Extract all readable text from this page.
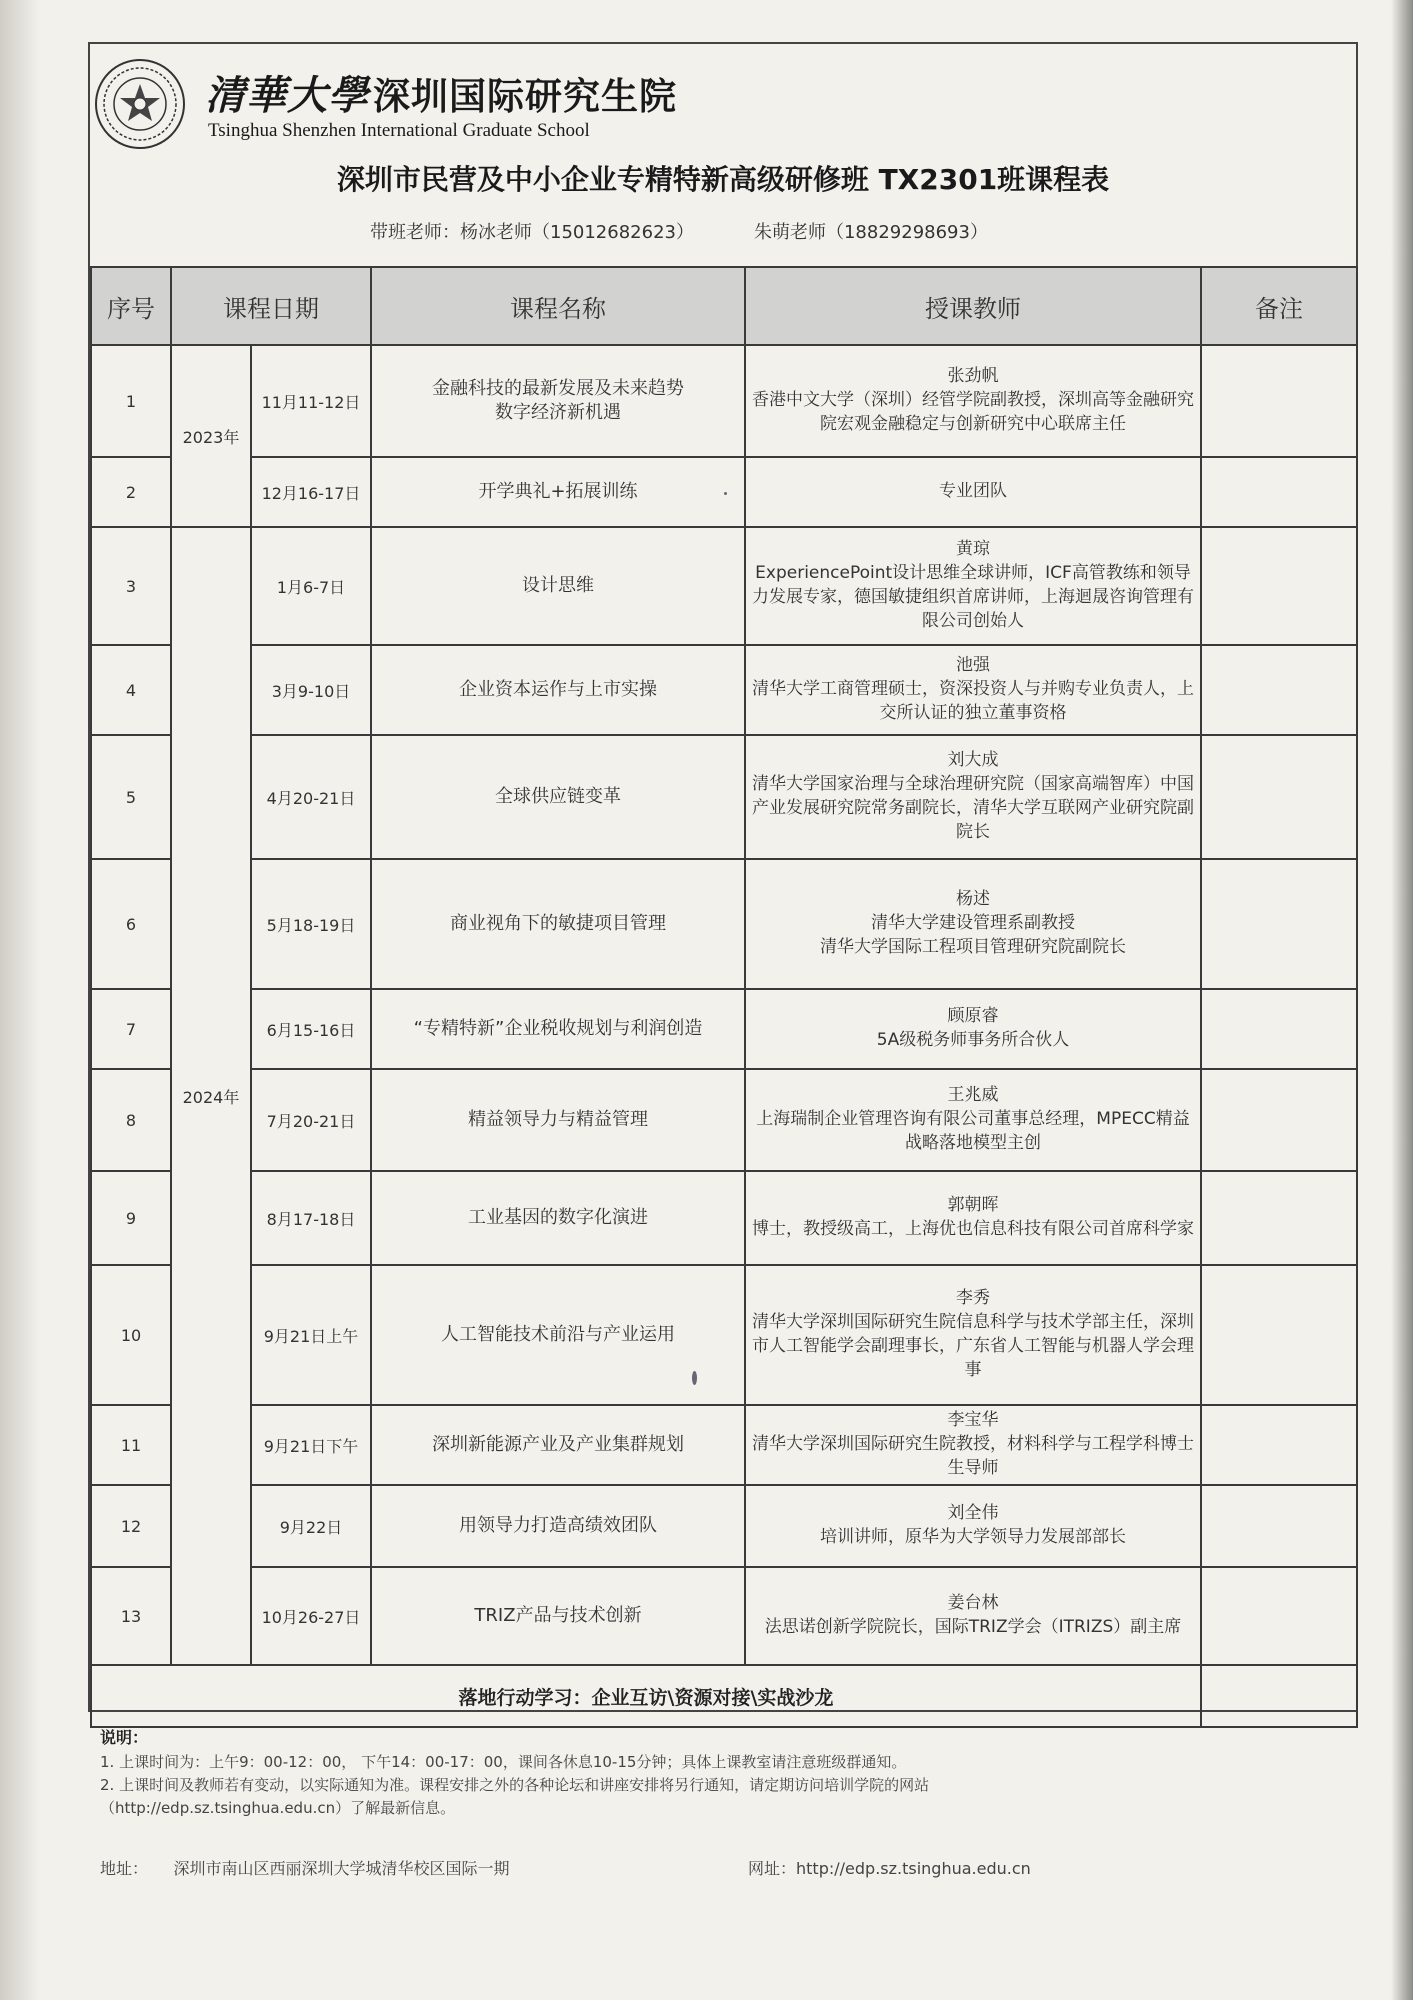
清華大學 深圳国际研究生院
Tsinghua Shenzhen International Graduate School
深圳市民营及中小企业专精特新高级研修班 TX2301班课程表
带班老师：杨冰老师（15012682623）	朱萌老师（18829298693）
序号	课程日期		课程名称	授课教师	备注
1	2023年	11月11-12日	金融科技的最新发展及未来趋势
数字经济新机遇	张劲帆
香港中文大学（深圳）经管学院副教授，深圳高等金融研究院宏观金融稳定与创新研究中心联席主任	

2		12月16-17日	开学典礼+拓展训练	专业团队	

3	2024年	1月6-7日	设计思维	黄琼
ExperiencePoint设计思维全球讲师，ICF高管教练和领导力发展专家，德国敏捷组织首席讲师，上海迴晟咨询管理有限公司创始人	

4		3月9-10日	企业资本运作与上市实操	池强
清华大学工商管理硕士，资深投资人与并购专业负责人，上交所认证的独立董事资格	

5		4月20-21日	全球供应链变革	刘大成
清华大学国家治理与全球治理研究院（国家高端智库）中国产业发展研究院常务副院长，清华大学互联网产业研究院副院长	

6		5月18-19日	商业视角下的敏捷项目管理	杨述
清华大学建设管理系副教授
清华大学国际工程项目管理研究院副院长	

7		6月15-16日	“专精特新”企业税收规划与利润创造	顾原睿
5A级税务师事务所合伙人	

8		7月20-21日	精益领导力与精益管理	王兆威
上海瑞制企业管理咨询有限公司董事总经理，MPECC精益战略落地模型主创	

9		8月17-18日	工业基因的数字化演进	郭朝晖
博士，教授级高工，上海优也信息科技有限公司首席科学家	

10		9月21日上午	人工智能技术前沿与产业运用	李秀
清华大学深圳国际研究生院信息科学与技术学部主任，深圳市人工智能学会副理事长，广东省人工智能与机器人学会理事	

11		9月21日下午	深圳新能源产业及产业集群规划	李宝华
清华大学深圳国际研究生院教授，材料科学与工程学科博士生导师	

12		9月22日	用领导力打造高绩效团队	刘全伟
培训讲师，原华为大学领导力发展部部长	

13		10月26-27日	TRIZ产品与技术创新	姜台林
法思诺创新学院院长，国际TRIZ学会（ITRIZS）副主席	

落地行动学习：企业互访\资源对接\实战沙龙					
说明：
1. 上课时间为：上午9：00-12：00， 下午14：00-17：00，课间各休息10-15分钟；具体上课教室请注意班级群通知。
2. 上课时间及教师若有变动，以实际通知为准。课程安排之外的各种论坛和讲座安排将另行通知，请定期访问培训学院的网站
（http://edp.sz.tsinghua.edu.cn）了解最新信息。
地址： 深圳市南山区西丽深圳大学城清华校区国际一期	网址：http://edp.sz.tsinghua.edu.cn
